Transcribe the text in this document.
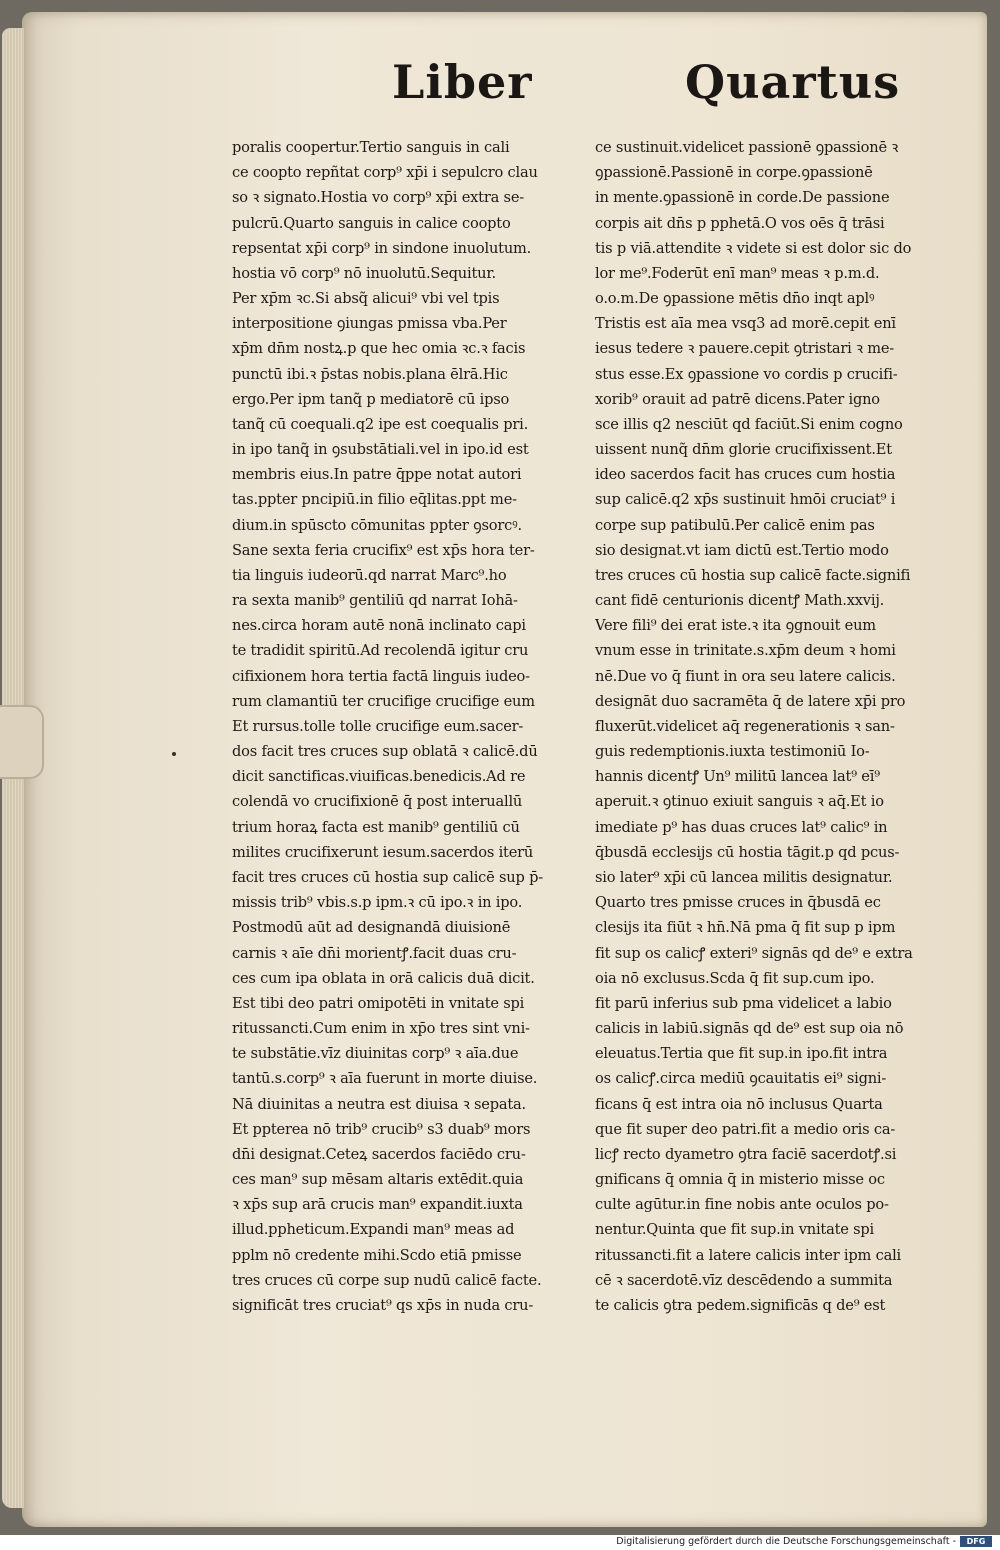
Liber	Quartus
poralis coopertur.Tertio sanguis in cali
ce coopto repñtat corp⁹ xp̄i i sepulcro clau
so ꝛ signato.Hostia vo corp⁹ xp̄i extra se-
pulcrū.Quarto sanguis in calice coopto
repsentat xp̄i corp⁹ in sindone inuolutum.
hostia vō corp⁹ nō inuolutū.Sequitur.
Per xp̄m ꝛc.Si absq̃ alicui⁹ vbi vel tpis
interpositione ꝯiungas pmissa vba.Per
xp̄m dn̄m nostꝝ.p que hec omia ꝛc.ꝛ facis
punctū ibi.ꝛ p̄stas nobis.plana ēlrā.Hic
ergo.Per ipm tanq̃ p mediatorē cū ipso
tanq̃ cū coequali.q2 ipe est coequalis pri.
in ipo tanq̃ in ꝯsubstātiali.vel in ipo.id est
membris eius.In patre q̄ppe notat autori
tas.ppter pncipiū.in filio eq̄litas.ppt me-
dium.in spūscto cōmunitas ppter ꝯsorcꝰ.
Sane sexta feria crucifix⁹ est xp̄s hora ter-
tia linguis iudeorū.qd narrat Marc⁹.ho
ra sexta manib⁹ gentiliū qd narrat Iohā-
nes.circa horam autē nonā inclinato capi
te tradidit spiritū.Ad recolendā igitur cru
cifixionem hora tertia factā linguis iudeo-
rum clamantiū ter crucifige crucifige eum
Et rursus.tolle tolle crucifige eum.sacer-
dos facit tres cruces sup oblatā ꝛ calicē.dū
dicit sanctificas.viuificas.benedicis.Ad re
colendā vo crucifixionē q̄ post interuallū
trium horaꝝ facta est manib⁹ gentiliū cū
milites crucifixerunt iesum.sacerdos iterū
facit tres cruces cū hostia sup calicē sup p̄-
missis trib⁹ vbis.s.p ipm.ꝛ cū ipo.ꝛ in ipo.
Postmodū aūt ad designandā diuisionē
carnis ꝛ aīe dn̄i morientꝭ.facit duas cru-
ces cum ipa oblata in orā calicis duā dicit.
Est tibi deo patri omipotēti in vnitate spi
ritussancti.Cum enim in xp̄o tres sint vni-
te substātie.vīz diuinitas corp⁹ ꝛ aīa.due
tantū.s.corp⁹ ꝛ aīa fuerunt in morte diuise.
Nā diuinitas a neutra est diuisa ꝛ sepata.
Et ppterea nō trib⁹ crucib⁹ s3 duab⁹ mors
dn̄i designat.Ceteꝝ sacerdos faciēdo cru-
ces man⁹ sup mēsam altaris extēdit.quia
ꝛ xp̄s sup arā crucis man⁹ expandit.iuxta
illud.ppheticum.Expandi man⁹ meas ad
pplm nō credente mihi.Scdo etiā pmisse
tres cruces cū corpe sup nudū calicē facte.
significāt tres cruciat⁹ qs xp̄s in nuda cru-
ce sustinuit.videlicet passionē ꝯpassionē ꝛ
ꝯpassionē.Passionē in corpe.ꝯpassionē
in mente.ꝯpassionē in corde.De passione
corpis ait dn̄s p pphetā.O vos oēs q̄ trāsi
tis p viā.attendite ꝛ videte si est dolor sic do
lor me⁹.Foderūt enī man⁹ meas ꝛ p.m.d.
o.o.m.De ꝯpassione mētis dn̄o inqt aplꝰ
Tristis est aīa mea vsq3 ad morē.cepit enī
iesus tedere ꝛ pauere.cepit ꝯtristari ꝛ me-
stus esse.Ex ꝯpassione vo cordis p crucifi-
xorib⁹ orauit ad patrē dicens.Pater igno
sce illis q2 nesciūt qd faciūt.Si enim cogno
uissent nunq̃ dn̄m glorie crucifixissent.Et
ideo sacerdos facit has cruces cum hostia
sup calicē.q2 xp̄s sustinuit hmōi cruciat⁹ i
corpe sup patibulū.Per calicē enim pas
sio designat.vt iam dictū est.Tertio modo
tres cruces cū hostia sup calicē facte.signifi
cant fidē centurionis dicentꝭ Math.xxvij.
Vere fili⁹ dei erat iste.ꝛ ita ꝯgnouit eum
vnum esse in trinitate.s.xp̄m deum ꝛ homi
nē.Due vo q̄ fiunt in ora seu latere calicis.
designāt duo sacramēta q̄ de latere xp̄i pro
fluxerūt.videlicet aq̄ regenerationis ꝛ san-
guis redemptionis.iuxta testimoniū Io-
hannis dicentꝭ Un⁹ militū lancea lat⁹ eī⁹
aperuit.ꝛ ꝯtinuo exiuit sanguis ꝛ aq̄.Et io
imediate p⁹ has duas cruces lat⁹ calic⁹ in
q̄busdā ecclesijs cū hostia tāgit.p qd pcus-
sio later⁹ xp̄i cū lancea militis designatur.
Quarto tres pmisse cruces in q̄busdā ec
clesijs ita fiūt ꝛ hn̄.Nā pma q̄ fit sup p ipm
fit sup os calicꝭ exteri⁹ signās qd de⁹ e extra
oia nō exclusus.Scda q̄ fit sup.cum ipo.
fit parū inferius sub pma videlicet a labio
calicis in labiū.signās qd de⁹ est sup oia nō
eleuatus.Tertia que fit sup.in ipo.fit intra
os calicꝭ.circa mediū ꝯcauitatis ei⁹ signi-
ficans q̄ est intra oia nō inclusus Quarta
que fit super deo patri.fit a medio oris ca-
licꝭ recto dyametro ꝯtra faciē sacerdotꝭ.si
gnificans q̄ omnia q̄ in misterio misse oc
culte agūtur.in fine nobis ante oculos po-
nentur.Quinta que fit sup.in vnitate spi
ritussancti.fit a latere calicis inter ipm cali
cē ꝛ sacerdotē.vīz descēdendo a summita
te calicis ꝯtra pedem.significās q de⁹ est
Digitalisierung gefördert durch die Deutsche Forschungsgemeinschaft -	DFG
